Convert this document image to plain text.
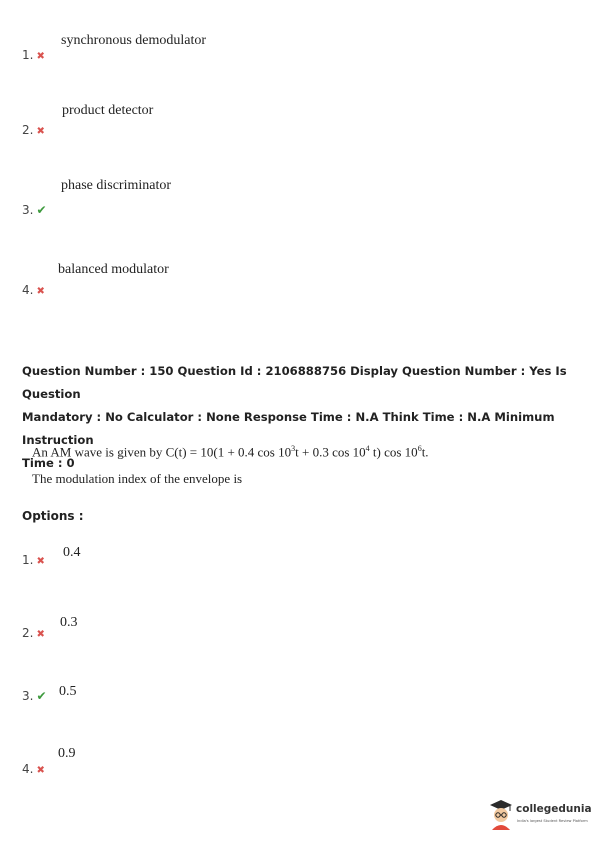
1. ✖
synchronous demodulator
2. ✖
product detector
3. ✔
phase discriminator
4. ✖
balanced modulator
Question Number : 150 Question Id : 2106888756 Display Question Number : Yes Is Question
Mandatory : No Calculator : None Response Time : N.A Think Time : N.A Minimum Instruction
Time : 0
An AM wave is given by C(t) = 10(1 + 0.4 $\cos 10^3t + 0.3$ $\cos 10^4$ t) $\cos 10^6t$.
The modulation index of the envelope is
Options :
1. ✖
0.4
2. ✖
0.3
3. ✔ 0.5
4. ✖
0.9
collegedunia
India's largest Student Review Platform
